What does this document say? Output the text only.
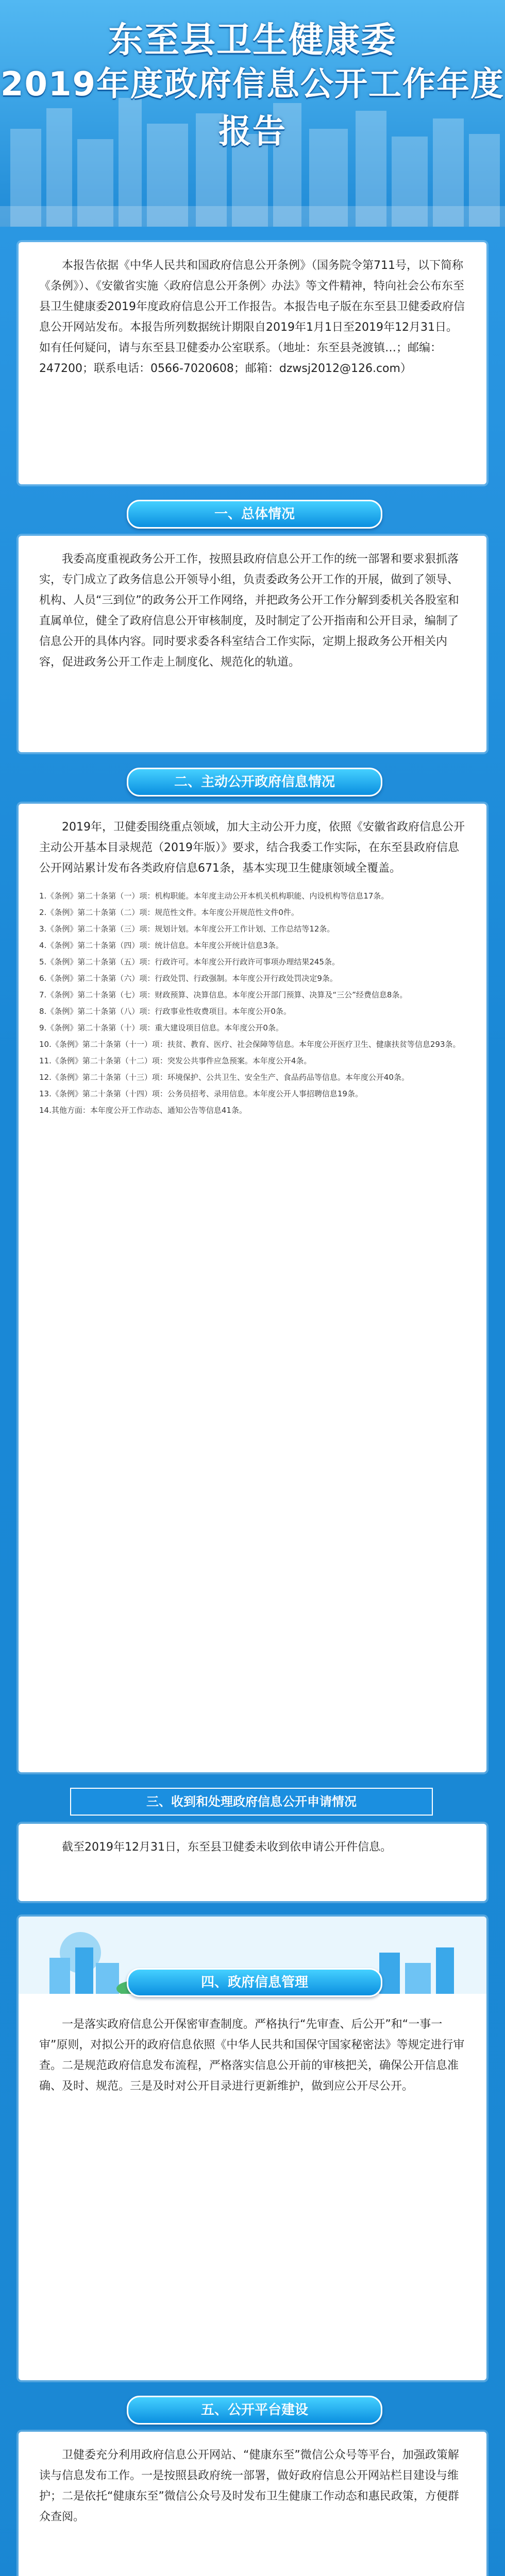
东至县卫生健康委
2019年度政府信息公开工作年度报告

本报告依据《中华人民共和国政府信息公开条例》（国务院令第711号，以下简称《条例》）、《安徽省实施〈政府信息公开条例〉办法》等文件精神，特向社会公布东至县卫生健康委2019年度政府信息公开工作报告。本报告电子版在东至县卫健委政府信息公开网站发布。本报告所列数据统计期限自2019年1月1日至2019年12月31日。如有任何疑问，请与东至县卫健委办公室联系。（地址：东至县尧渡镇…；邮编：247200；联系电话：0566-7020608；邮箱：dzwsj2012@126.com）

一、总体情况

我委高度重视政务公开工作，按照县政府信息公开工作的统一部署和要求狠抓落实，专门成立了政务信息公开领导小组，负责委政务公开工作的开展，做到了领导、机构、人员“三到位”的政务公开工作网络，并把政务公开工作分解到委机关各股室和直属单位，健全了政府信息公开审核制度，及时制定了公开指南和公开目录，编制了信息公开的具体内容。同时要求委各科室结合工作实际，定期上报政务公开相关内容，促进政务公开工作走上制度化、规范化的轨道。

二、主动公开政府信息情况

2019年，卫健委围绕重点领域，加大主动公开力度，依照《安徽省政府信息公开主动公开基本目录规范（2019年版）》要求，结合我委工作实际，在东至县政府信息公开网站累计发布各类政府信息671条，基本实现卫生健康领域全覆盖。

1.《条例》第二十条第（一）项：机构职能。本年度主动公开本机关机构职能、内设机构等信息17条。

2.《条例》第二十条第（二）项：规范性文件。本年度公开规范性文件0件。

3.《条例》第二十条第（三）项：规划计划。本年度公开工作计划、工作总结等12条。

4.《条例》第二十条第（四）项：统计信息。本年度公开统计信息3条。

5.《条例》第二十条第（五）项：行政许可。本年度公开行政许可事项办理结果245条。

6.《条例》第二十条第（六）项：行政处罚、行政强制。本年度公开行政处罚决定9条。

7.《条例》第二十条第（七）项：财政预算、决算信息。本年度公开部门预算、决算及“三公”经费信息8条。

8.《条例》第二十条第（八）项：行政事业性收费项目。本年度公开0条。

9.《条例》第二十条第（十）项：重大建设项目信息。本年度公开0条。

10.《条例》第二十条第（十一）项：扶贫、教育、医疗、社会保障等信息。本年度公开医疗卫生、健康扶贫等信息293条。

11.《条例》第二十条第（十二）项：突发公共事件应急预案。本年度公开4条。

12.《条例》第二十条第（十三）项：环境保护、公共卫生、安全生产、食品药品等信息。本年度公开40条。

13.《条例》第二十条第（十四）项：公务员招考、录用信息。本年度公开人事招聘信息19条。

14.其他方面：本年度公开工作动态、通知公告等信息41条。

三、收到和处理政府信息公开申请情况

截至2019年12月31日，东至县卫健委未收到依申请公开件信息。

四、政府信息管理

一是落实政府信息公开保密审查制度。严格执行“先审查、后公开”和“一事一审”原则，对拟公开的政府信息依照《中华人民共和国保守国家秘密法》等规定进行审查。二是规范政府信息发布流程，严格落实信息公开前的审核把关，确保公开信息准确、及时、规范。三是及时对公开目录进行更新维护，做到应公开尽公开。

五、公开平台建设

卫健委充分利用政府信息公开网站、“健康东至”微信公众号等平台，加强政策解读与信息发布工作。一是按照县政府统一部署，做好政府信息公开网站栏目建设与维护；二是依托“健康东至”微信公众号及时发布卫生健康工作动态和惠民政策，方便群众查阅。
